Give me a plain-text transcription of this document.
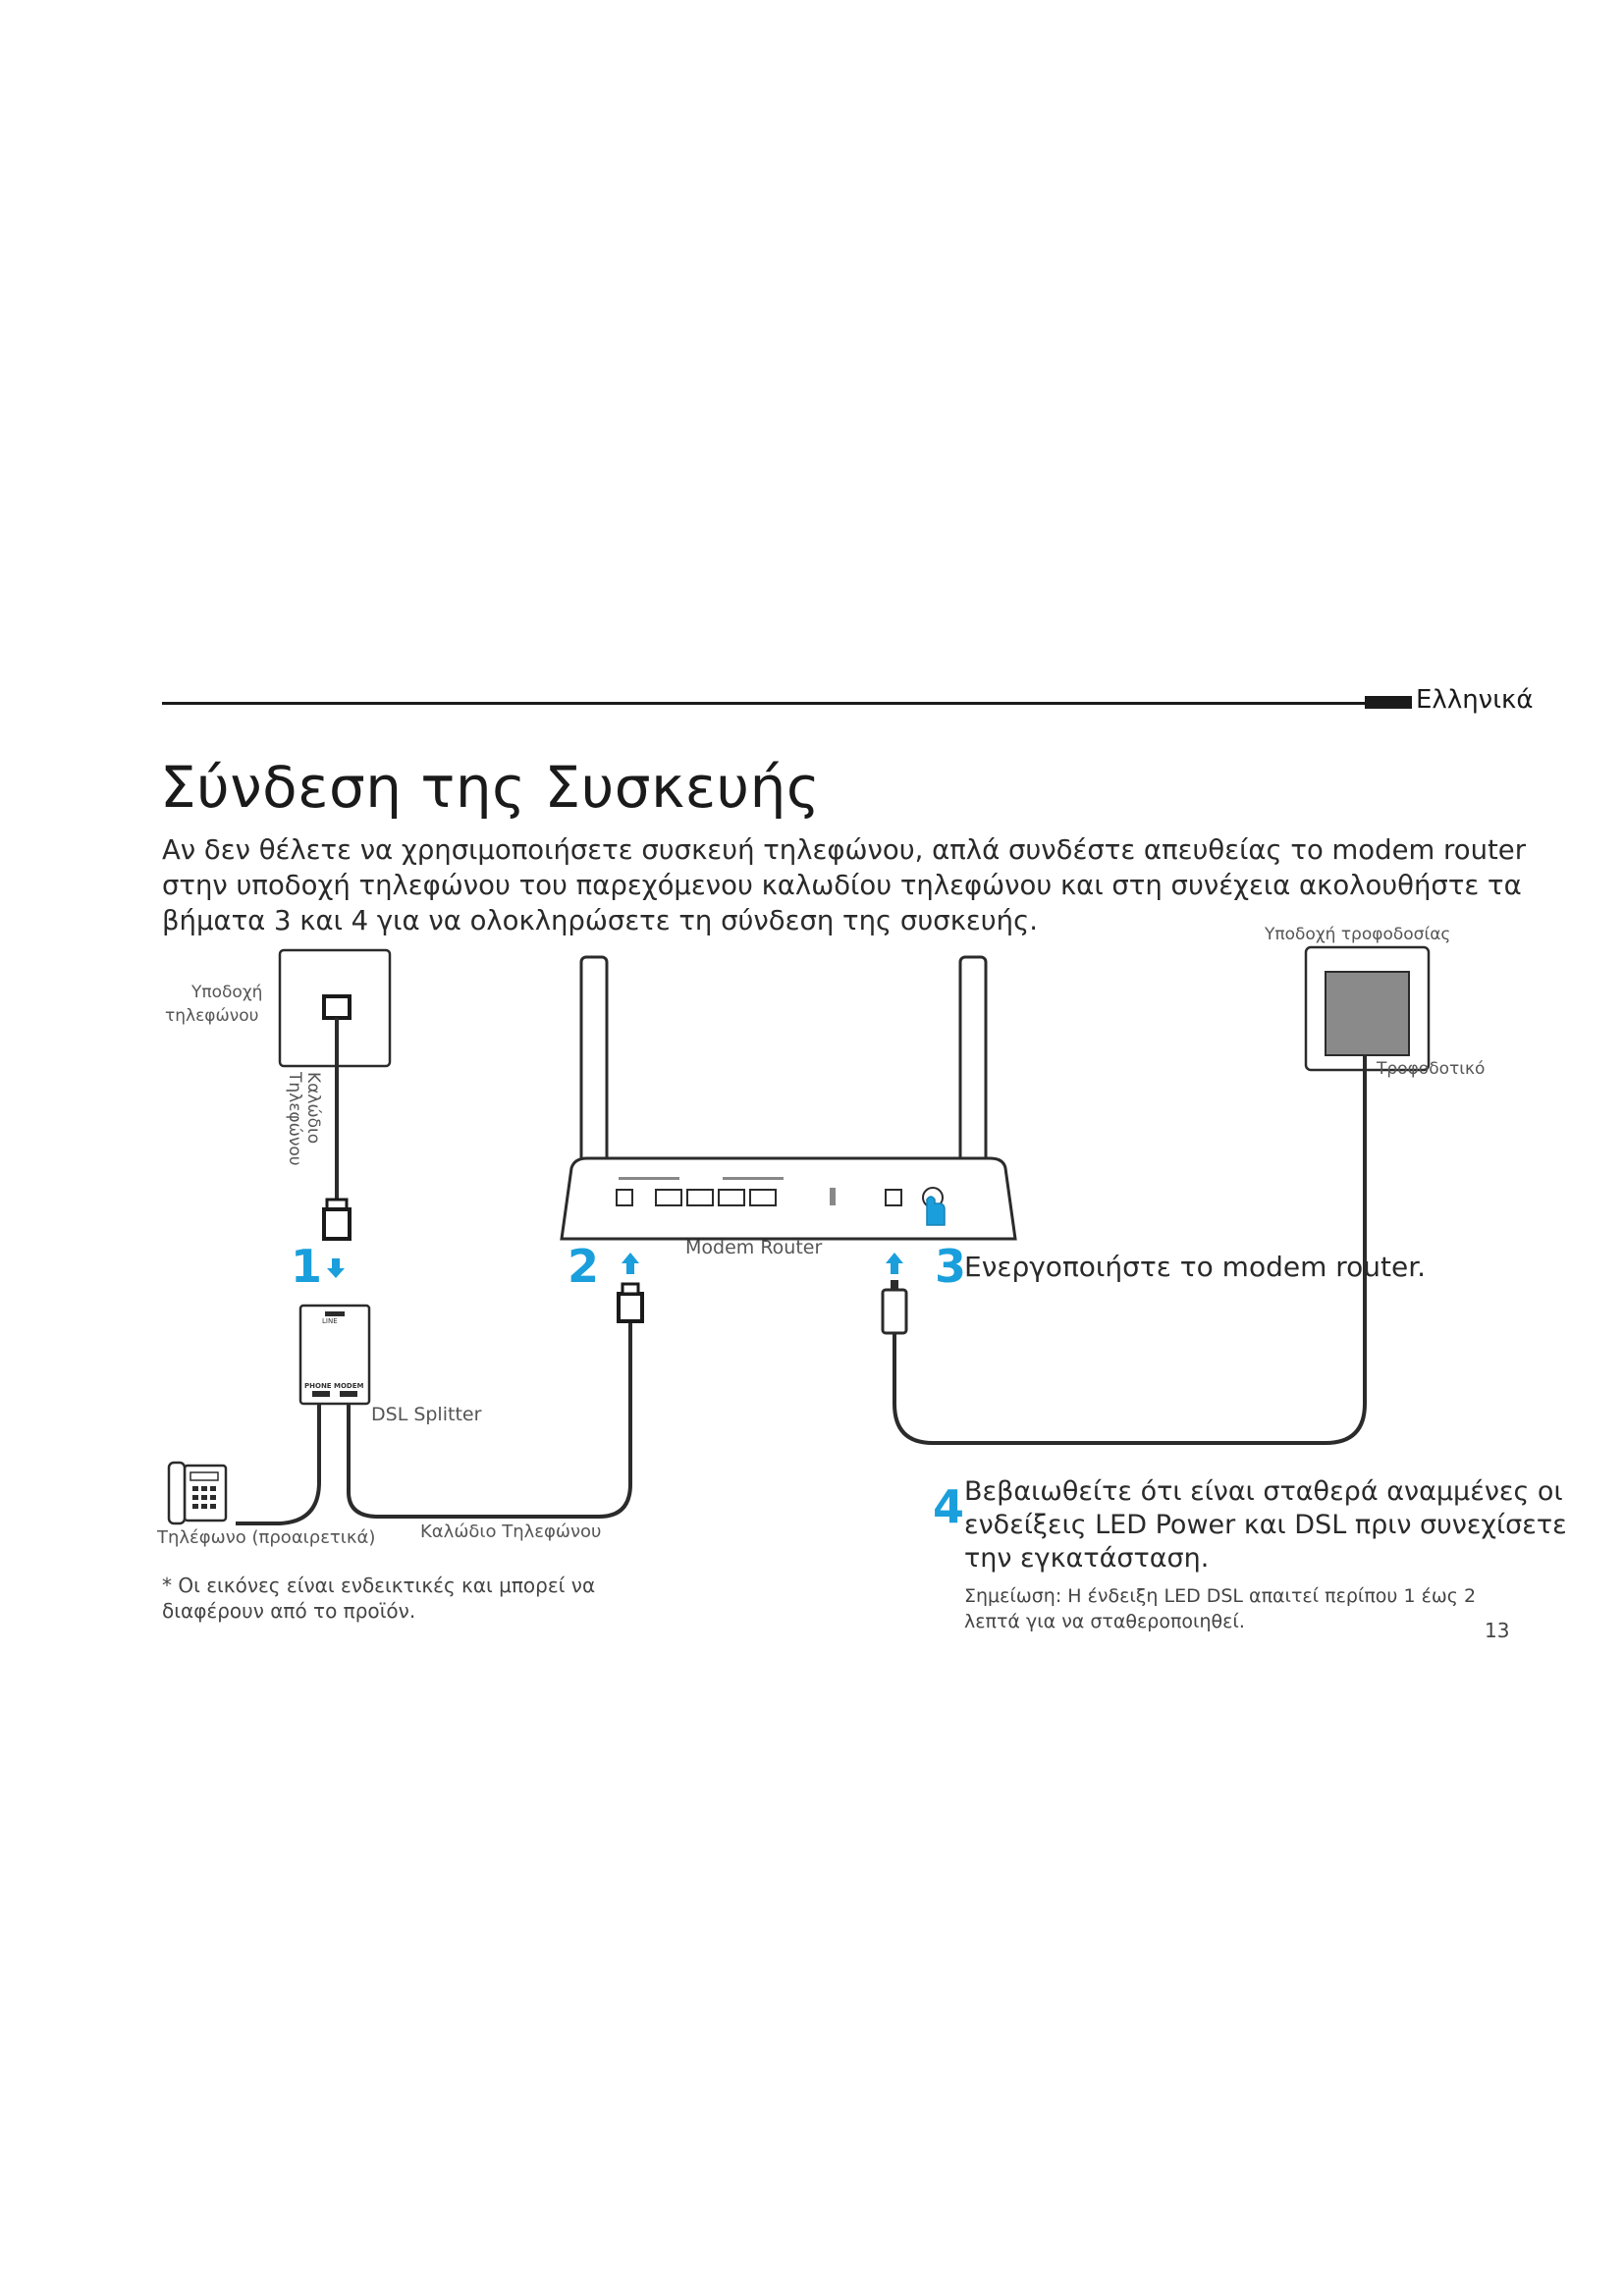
Ελληνικά
Σύνδεση της Συσκευής
Αν δεν θέλετε να χρησιμοποιήσετε συσκευή τηλεφώνου, απλά συνδέστε απευθείας το modem router στην υποδοχή τηλεφώνου του παρεχόμενου καλωδίου τηλεφώνου και στη συνέχεια ακολουθήστε τα βήματα 3 και 4 για να ολοκληρώσετε τη σύνδεση της συσκευής.
LINE
PHONE MODEM
Υποδοχή
τηλεφώνου
Καλώδιο
Τηλεφώνου
Υποδοχή τροφοδοσίας
Τροφοδοτικό
Modem Router
DSL Splitter
Τηλέφωνο (προαιρετικά)	Καλώδιο Τηλεφώνου
1	2	3
4
Ενεργοποιήστε το modem router.
Βεβαιωθείτε ότι είναι σταθερά αναμμένες οι
ενδείξεις LED Power και DSL πριν συνεχίσετε
την εγκατάσταση.
Σημείωση: Η ένδειξη LED DSL απαιτεί περίπου 1 έως 2
λεπτά για να σταθεροποιηθεί.
* Οι εικόνες είναι ενδεικτικές και μπορεί να
διαφέρουν από το προϊόν.
13
